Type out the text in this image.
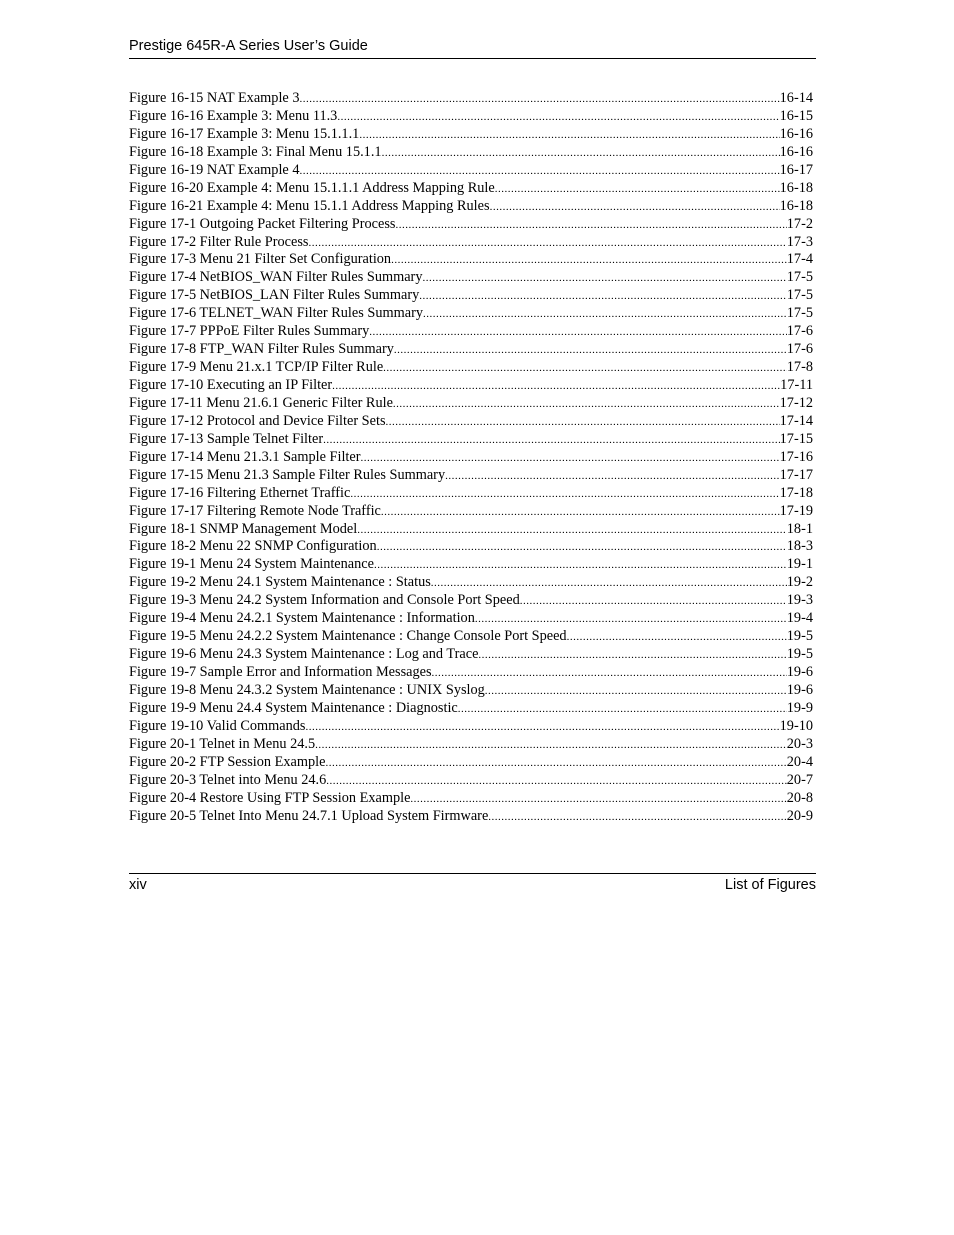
Prestige 645R-A Series User’s Guide
Figure 16-15 NAT Example 3 .....	16-14
Figure 16-16 Example 3: Menu 11.3 .....	16-15
Figure 16-17 Example 3: Menu 15.1.1.1 .....	16-16
Figure 16-18 Example 3: Final Menu 15.1.1 .....	16-16
Figure 16-19 NAT Example 4 .....	16-17
Figure 16-20 Example 4: Menu 15.1.1.1 Address Mapping Rule .....	16-18
Figure 16-21 Example 4: Menu 15.1.1 Address Mapping Rules .....	16-18
Figure 17-1 Outgoing Packet Filtering Process .....	17-2
Figure 17-2 Filter Rule Process .....	17-3
Figure 17-3 Menu 21 Filter Set Configuration .....	17-4
Figure 17-4 NetBIOS_WAN Filter Rules Summary .....	17-5
Figure 17-5 NetBIOS_LAN Filter Rules Summary .....	17-5
Figure 17-6 TELNET_WAN Filter Rules Summary .....	17-5
Figure 17-7 PPPoE Filter Rules Summary .....	17-6
Figure 17-8 FTP_WAN Filter Rules Summary .....	17-6
Figure 17-9 Menu 21.x.1 TCP/IP Filter Rule .....	17-8
Figure 17-10 Executing an IP Filter .....	17-11
Figure 17-11 Menu 21.6.1 Generic Filter Rule .....	17-12
Figure 17-12 Protocol and Device Filter Sets .....	17-14
Figure 17-13 Sample Telnet Filter .....	17-15
Figure 17-14 Menu 21.3.1 Sample Filter .....	17-16
Figure 17-15 Menu 21.3 Sample Filter Rules Summary .....	17-17
Figure 17-16 Filtering Ethernet Traffic .....	17-18
Figure 17-17 Filtering Remote Node Traffic .....	17-19
Figure 18-1 SNMP Management Model .....	18-1
Figure 18-2 Menu 22 SNMP Configuration .....	18-3
Figure 19-1 Menu 24 System Maintenance .....	19-1
Figure 19-2 Menu 24.1 System Maintenance : Status .....	19-2
Figure 19-3 Menu 24.2 System Information and Console Port Speed .....	19-3
Figure 19-4 Menu 24.2.1 System Maintenance : Information .....	19-4
Figure 19-5 Menu 24.2.2 System Maintenance : Change Console Port Speed .....	19-5
Figure 19-6 Menu 24.3 System Maintenance : Log and Trace .....	19-5
Figure 19-7 Sample Error and Information Messages .....	19-6
Figure 19-8 Menu 24.3.2 System Maintenance : UNIX Syslog .....	19-6
Figure 19-9 Menu 24.4 System Maintenance : Diagnostic .....	19-9
Figure 19-10 Valid Commands .....	19-10
Figure 20-1 Telnet in Menu 24.5 .....	20-3
Figure 20-2 FTP Session Example .....	20-4
Figure 20-3 Telnet into Menu 24.6 .....	20-7
Figure 20-4 Restore Using FTP Session Example .....	20-8
Figure 20-5 Telnet Into Menu 24.7.1 Upload System Firmware .....	20-9
xiv	List of Figures
